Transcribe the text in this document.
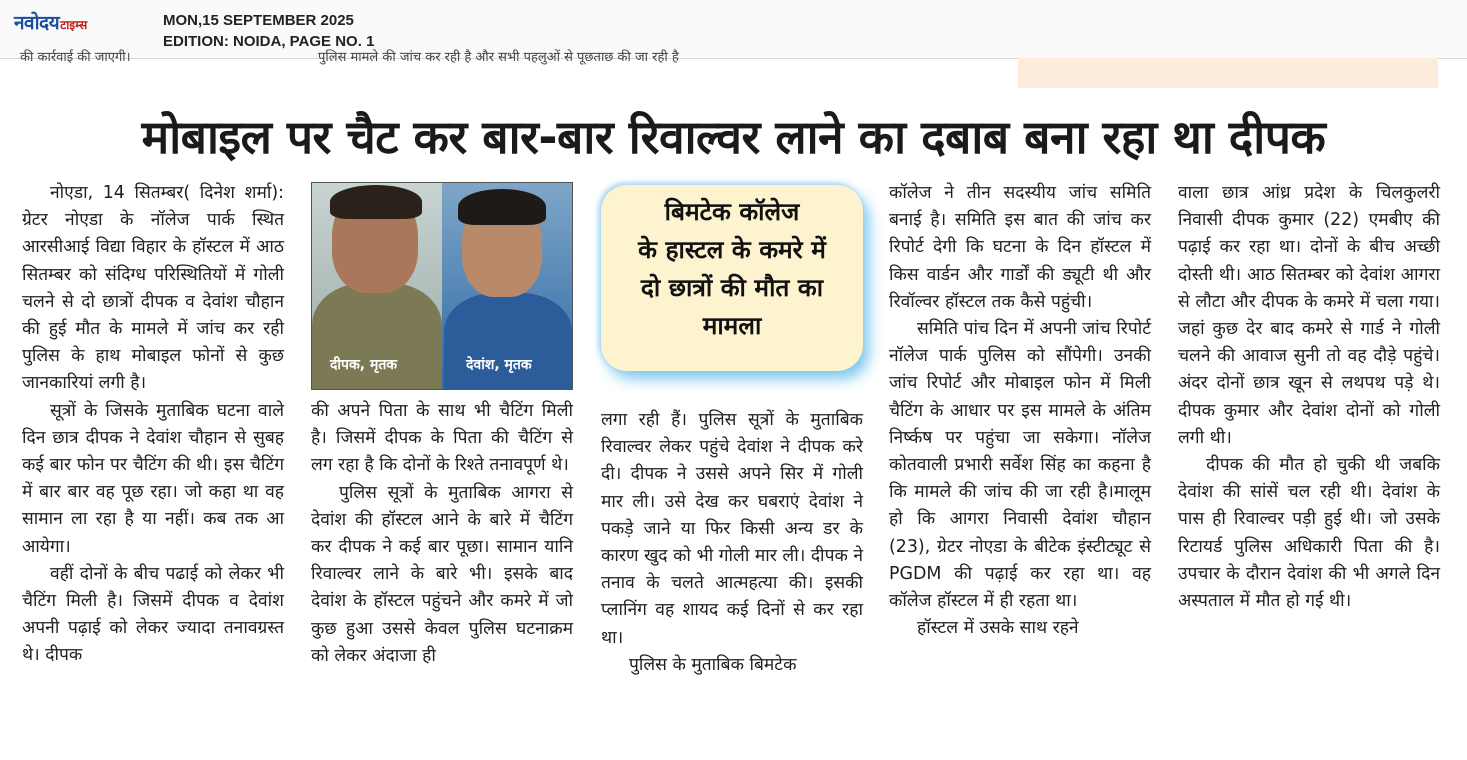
नवोदयटाइम्स	MON,15 SEPTEMBER 2025
EDITION: NOIDA, PAGE NO. 1
की कार्रवाई की जाएगी।	पुलिस मामले की जांच कर रही है और सभी पहलुओं से पूछताछ की जा रही है
मोबाइल पर चैट कर बार-बार रिवाल्वर लाने का दबाब बना रहा था दीपक

नोएडा, 14 सितम्बर( दिनेश शर्मा): ग्रेटर नोएडा के नॉलेज पार्क स्थित आरसीआई विद्या विहार के हॉस्टल में आठ सितम्बर को संदिग्ध परिस्थितियों में गोली चलने से दो छात्रों दीपक व देवांश चौहान की हुई मौत के मामले में जांच कर रही पुलिस के हाथ मोबाइल फोनों से कुछ जानकारियां लगी है।

सूत्रों के जिसके मुताबिक घटना वाले दिन छात्र दीपक ने देवांश चौहान से सुबह कई बार फोन पर चैटिंग की थी। इस चैटिंग में बार बार वह पूछ रहा। जो कहा था वह सामान ला रहा है या नहीं। कब तक आ आयेगा।

वहीं दोनों के बीच पढाई को लेकर भी चैटिंग मिली है। जिसमें दीपक व देवांश अपनी पढ़ाई को लेकर ज्यादा तनावग्रस्त थे। दीपक

दीपक, मृतक	देवांश, मृतक

की अपने पिता के साथ भी चैटिंग मिली है। जिसमें दीपक के पिता की चैटिंग से लग रहा है कि दोनों के रिश्ते तनावपूर्ण थे।

पुलिस सूत्रों के मुताबिक आगरा से देवांश की हॉस्टल आने के बारे में चैटिंग कर दीपक ने कई बार पूछा। सामान यानि रिवाल्वर लाने के बारे भी। इसके बाद देवांश के हॉस्टल पहुंचने और कमरे में जो कुछ हुआ उससे केवल पुलिस घटनाक्रम को लेकर अंदाजा ही

बिमटेक कॉलेज
के हास्टल के कमरे में
दो छात्रों की मौत का
मामला

लगा रही हैं। पुलिस सूत्रों के मुताबिक रिवाल्वर लेकर पहुंचे देवांश ने दीपक करे दी। दीपक ने उससे अपने सिर में गोली मार ली। उसे देख कर घबराएं देवांश ने पकड़े जाने या फिर किसी अन्य डर के कारण खुद को भी गोली मार ली। दीपक ने तनाव के चलते आत्महत्या की। इसकी प्लानिंग वह शायद कई दिनों से कर रहा था।

पुलिस के मुताबिक बिमटेक

कॉलेज ने तीन सदस्यीय जांच समिति बनाई है। समिति इस बात की जांच कर रिपोर्ट देगी कि घटना के दिन हॉस्टल में किस वार्डन और गार्डों की ड्यूटी थी और रिवॉल्वर हॉस्टल तक कैसे पहुंची।

समिति पांच दिन में अपनी जांच रिपोर्ट नॉलेज पार्क पुलिस को सौंपेगी। उनकी जांच रिपोर्ट और मोबाइल फोन में मिली चैटिंग के आधार पर इस मामले के अंतिम निर्ष्कष पर पहुंचा जा सकेगा। नॉलेज कोतवाली प्रभारी सर्वेश सिंह का कहना है कि मामले की जांच की जा रही है।मालूम हो कि आगरा निवासी देवांश चौहान (23), ग्रेटर नोएडा के बीटेक इंस्टीट्यूट से PGDM की पढ़ाई कर रहा था। वह कॉलेज हॉस्टल में ही रहता था।

हॉस्टल में उसके साथ रहने

वाला छात्र आंध्र प्रदेश के चिलकुलरी निवासी दीपक कुमार (22) एमबीए की पढ़ाई कर रहा था। दोनों के बीच अच्छी दोस्ती थी। आठ सितम्बर को देवांश आगरा से लौटा और दीपक के कमरे में चला गया। जहां कुछ देर बाद कमरे से गार्ड ने गोली चलने की आवाज सुनी तो वह दौड़े पहुंचे। अंदर दोनों छात्र खून से लथपथ पड़े थे। दीपक कुमार और देवांश दोनों को गोली लगी थी।

दीपक की मौत हो चुकी थी जबकि देवांश की सांसें चल रही थी। देवांश के पास ही रिवाल्वर पड़ी हुई थी। जो उसके रिटायर्ड पुलिस अधिकारी पिता की है। उपचार के दौरान देवांश की भी अगले दिन अस्पताल में मौत हो गई थी।
